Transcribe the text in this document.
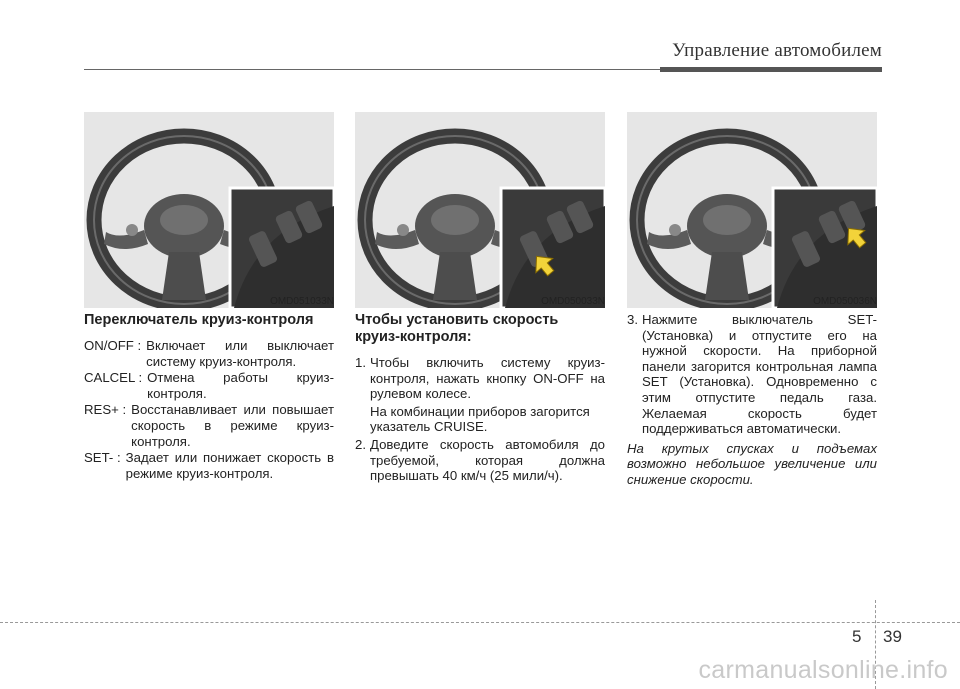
Управление автомобилем
OMD051033N	OMD050033N	OMD050036N
Переключатель круиз-контроля
ON/OFF : Включает или выключает систему круиз-контроля.
CALCEL : Отмена работы круиз-контроля.
RES+ : Восстанавливает или повышает скорость в режиме круиз-контроля.
SET- : Задает или понижает скорость в режиме круиз-контроля.
Чтобы установить скорость круиз-контроля:
1. Чтобы включить систему круиз-контроля, нажать кнопку ON-OFF на рулевом колесе.
На комбинации приборов загорится указатель CRUISE.
2. Доведите скорость автомобиля до требуемой, которая должна превышать 40 км/ч (25 мили/ч).
3. Нажмите выключатель SET- (Установка) и отпустите его на нужной скорости. На приборной панели загорится контрольная лампа SET (Установка). Одновременно с этим отпустите педаль газа. Желаемая скорость будет поддерживаться автоматически.
На крутых спусках и подъемах возможно небольшое увеличение или снижение скорости.
5 39
carmanualsonline.info
